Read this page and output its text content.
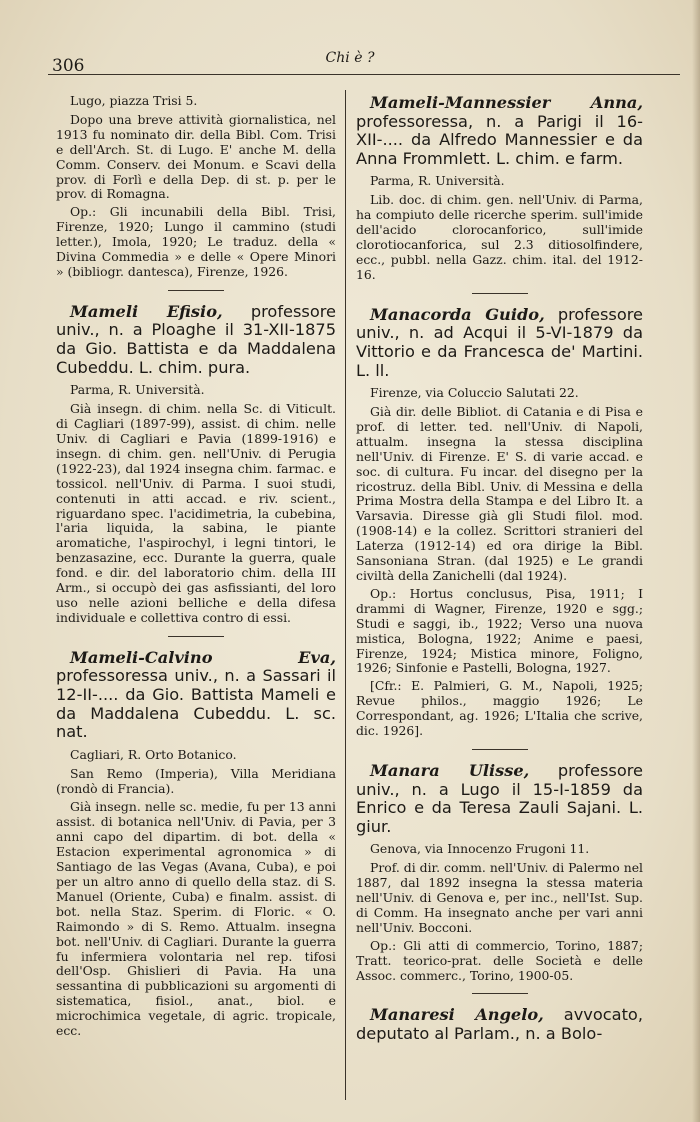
306	Chi è ?

Lugo, piazza Trisi 5.

Dopo una breve attività giornalistica, nel 1913 fu nominato dir. della Bibl. Com. Trisi e dell'Arch. St. di Lugo. E' anche M. della Comm. Conserv. dei Monum. e Scavi della prov. di Forlì e della Dep. di st. p. per le prov. di Romagna.

Op.: Gli incunabili della Bibl. Trisi, Firenze, 1920; Lungo il cammino (studi letter.), Imola, 1920; Le traduz. della « Divina Commedia » e delle « Opere Minori » (bibliogr. dantesca), Firenze, 1926.

Mameli Efisio, professore univ., n. a Ploaghe il 31-XII-1875 da Gio. Battista e da Maddalena Cubeddu. L. chim. pura.

Parma, R. Università.

Già insegn. di chim. nella Sc. di Viticult. di Cagliari (1897-99), assist. di chim. nelle Univ. di Cagliari e Pavia (1899-1916) e insegn. di chim. gen. nell'Univ. di Perugia (1922-23), dal 1924 insegna chim. farmac. e tossicol. nell'Univ. di Parma. I suoi studi, contenuti in atti accad. e riv. scient., riguardano spec. l'acidimetria, la cubebina, l'aria liquida, la sabina, le piante aromatiche, l'aspirochyl, i legni tintori, le benzasazine, ecc. Durante la guerra, quale fond. e dir. del laboratorio chim. della III Arm., si occupò dei gas asfissianti, del loro uso nelle azioni belliche e della difesa individuale e collettiva contro di essi.

Mameli-Calvino Eva, professoressa univ., n. a Sassari il 12-II-.... da Gio. Battista Mameli e da Maddalena Cubeddu. L. sc. nat.

Cagliari, R. Orto Botanico.

San Remo (Imperia), Villa Meridiana (rondò di Francia).

Già insegn. nelle sc. medie, fu per 13 anni assist. di botanica nell'Univ. di Pavia, per 3 anni capo del dipartim. di bot. della « Estacion experimental agronomica » di Santiago de las Vegas (Avana, Cuba), e poi per un altro anno di quello della staz. di S. Manuel (Oriente, Cuba) e finalm. assist. di bot. nella Staz. Sperim. di Floric. « O. Raimondo » di S. Remo. Attualm. insegna bot. nell'Univ. di Cagliari. Durante la guerra fu infermiera volontaria nel rep. tifosi dell'Osp. Ghislieri di Pavia. Ha una sessantina di pubblicazioni su argomenti di sistematica, fisiol., anat., biol. e microchimica vegetale, di agric. tropicale, ecc.

Mameli-Mannessier Anna, professoressa, n. a Parigi il 16-XII-.... da Alfredo Mannessier e da Anna Frommlett. L. chim. e farm.

Parma, R. Università.

Lib. doc. di chim. gen. nell'Univ. di Parma, ha compiuto delle ricerche sperim. sull'imide dell'acido clorocanforico, sull'imide clorotiocanforica, sul 2.3 ditiosolfindere, ecc., pubbl. nella Gazz. chim. ital. del 1912-16.

Manacorda Guido, professore univ., n. ad Acqui il 5-VI-1879 da Vittorio e da Francesca de' Martini. L. ll.

Firenze, via Coluccio Salutati 22.

Già dir. delle Bibliot. di Catania e di Pisa e prof. di letter. ted. nell'Univ. di Napoli, attualm. insegna la stessa disciplina nell'Univ. di Firenze. E' S. di varie accad. e soc. di cultura. Fu incar. del disegno per la ricostruz. della Bibl. Univ. di Messina e della Prima Mostra della Stampa e del Libro It. a Varsavia. Diresse già gli Studi filol. mod. (1908-14) e la collez. Scrittori stranieri del Laterza (1912-14) ed ora dirige la Bibl. Sansoniana Stran. (dal 1925) e Le grandi civiltà della Zanichelli (dal 1924).

Op.: Hortus conclusus, Pisa, 1911; I drammi di Wagner, Firenze, 1920 e sgg.; Studi e saggi, ib., 1922; Verso una nuova mistica, Bologna, 1922; Anime e paesi, Firenze, 1924; Mistica minore, Foligno, 1926; Sinfonie e Pastelli, Bologna, 1927.

[Cfr.: E. Palmieri, G. M., Napoli, 1925; Revue philos., maggio 1926; Le Correspondant, ag. 1926; L'Italia che scrive, dic. 1926].

Manara Ulisse, professore univ., n. a Lugo il 15-I-1859 da Enrico e da Teresa Zauli Sajani. L. giur.

Genova, via Innocenzo Frugoni 11.

Prof. di dir. comm. nell'Univ. di Palermo nel 1887, dal 1892 insegna la stessa materia nell'Univ. di Genova e, per inc., nell'Ist. Sup. di Comm. Ha insegnato anche per vari anni nell'Univ. Bocconi.

Op.: Gli atti di commercio, Torino, 1887; Tratt. teorico-prat. delle Società e delle Assoc. commerc., Torino, 1900-05.

Manaresi Angelo, avvocato, deputato al Parlam., n. a Bolo-
